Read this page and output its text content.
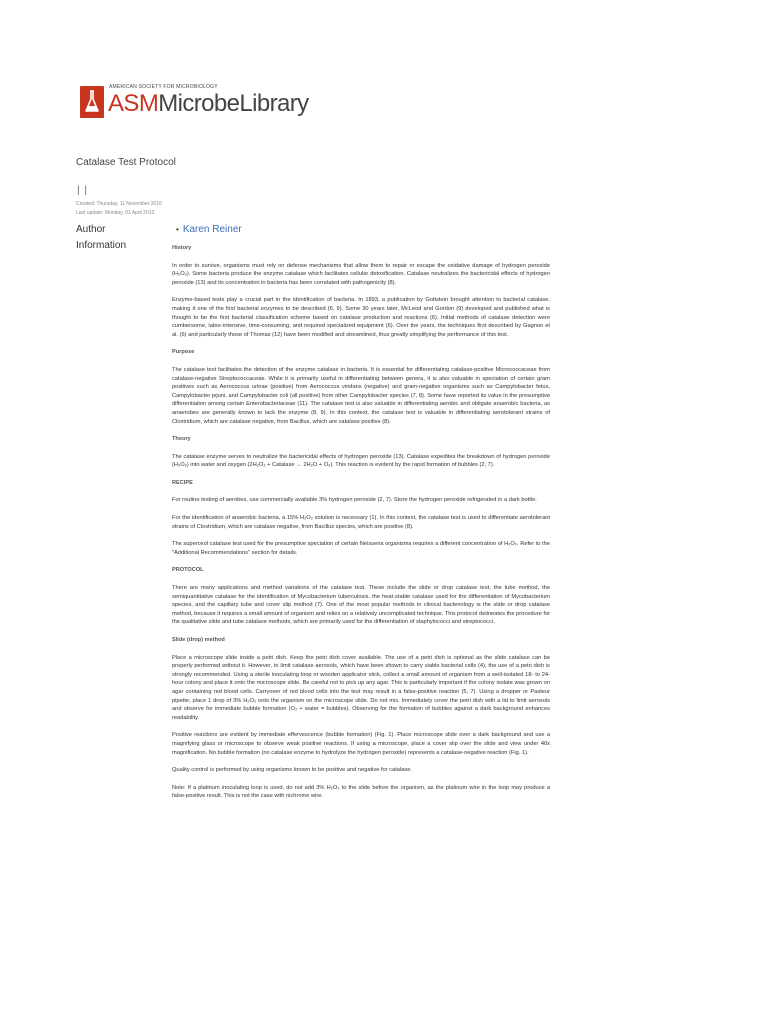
AMERICAN SOCIETY FOR MICROBIOLOGY
ASMMicrobeLibrary
Catalase Test Protocol
| |
Created: Thursday, 11 November 2010
Last update: Monday, 01 April 2013
Author
Information
• Karen Reiner
History

In order to survive, organisms must rely on defense mechanisms that allow them to repair or escape the oxidative damage of hydrogen peroxide (H₂O₂). Some bacteria produce the enzyme catalase which facilitates cellular detoxification. Catalase neutralizes the bactericidal effects of hydrogen peroxide (13) and its concentration in bacteria has been correlated with pathogenicity (8).

Enzyme-based tests play a crucial part in the identification of bacteria. In 1893, a publication by Gottstein brought attention to bacterial catalase, making it one of the first bacterial enzymes to be described (6, 9). Some 30 years later, McLeod and Gordon (9) developed and published what is thought to be the first bacterial classification scheme based on catalase production and reactions (6). Initial methods of catalase detection were cumbersome, labor-intensive, time-consuming, and required specialized equipment (6). Over the years, the techniques first described by Gagnon et al. (6) and particularly those of Thomas (12) have been modified and streamlined, thus greatly simplifying the performance of this test.

Purpose

The catalase test facilitates the detection of the enzyme catalase in bacteria. It is essential for differentiating catalase-positive Micrococcaceae from catalase-negative Streptococcaceae. While it is primarily useful in differentiating between genera, it is also valuable in speciation of certain gram positives such as Aerococcus urinae (positive) from Aerococcus viridans (negative) and gram-negative organisms such as Campylobacter fetus, Campylobacter jejuni, and Campylobacter coli (all positive) from other Campylobacter species (7, 8). Some have reported its value in the presumptive differentiation among certain Enterobacteriaceae (11). The catalase test is also valuable in differentiating aerobic and obligate anaerobic bacteria, as anaerobes are generally known to lack the enzyme (8, 9). In this context, the catalase test is valuable in differentiating aerotolerant strains of Clostridium, which are catalase negative, from Bacillus, which are catalase positive (8).

Theory

The catalase enzyme serves to neutralize the bactericidal effects of hydrogen peroxide (13). Catalase expedites the breakdown of hydrogen peroxide (H₂O₂) into water and oxygen (2H₂O₂ + Catalase → 2H₂O + O₂). This reaction is evident by the rapid formation of bubbles (2, 7).

RECIPE

For routine testing of aerobes, use commercially available 3% hydrogen peroxide (2, 7). Store the hydrogen peroxide refrigerated in a dark bottle.

For the identification of anaerobic bacteria, a 15% H₂O₂ solution is necessary (1). In this context, the catalase test is used to differentiate aerotolerant strains of Clostridium, which are catalase negative, from Bacillus species, which are positive (8).

The superoxol catalase test used for the presumptive speciation of certain Neisseria organisms requires a different concentration of H₂O₂. Refer to the "Additional Recommendations" section for details.

PROTOCOL

There are many applications and method variations of the catalase test. These include the slide or drop catalase test, the tube method, the semiquantitative catalase for the identification of Mycobacterium tuberculosis, the heat-stable catalase used for the differentiation of Mycobacterium species, and the capillary tube and cover slip method (7). One of the most popular methods in clinical bacteriology is the slide or drop catalase method, because it requires a small amount of organism and relies on a relatively uncomplicated technique. This protocol delineates the procedure for the qualitative slide and tube catalase methods, which are primarily used for the differentiation of staphylococci and streptococci.

Slide (drop) method

Place a microscope slide inside a petri dish. Keep the petri dish cover available. The use of a petri dish is optional as the slide catalase can be properly performed without it. However, to limit catalase aerosols, which have been shown to carry viable bacterial cells (4), the use of a petri dish is strongly recommended. Using a sterile inoculating loop or wooden applicator stick, collect a small amount of organism from a well-isolated 18- to 24-hour colony and place it onto the microscope slide. Be careful not to pick up any agar. This is particularly important if the colony isolate was grown on agar containing red blood cells. Carryover of red blood cells into the test may result in a false-positive reaction (5, 7). Using a dropper or Pasteur pipette, place 1 drop of 3% H₂O₂ onto the organism on the microscope slide. Do not mix. Immediately cover the petri dish with a lid to limit aerosols and observe for immediate bubble formation (O₂ + water = bubbles). Observing for the formation of bubbles against a dark background enhances readability.

Positive reactions are evident by immediate effervescence (bubble formation) (Fig. 1). Place microscope slide over a dark background and use a magnifying glass or microscope to observe weak positive reactions. If using a microscope, place a cover slip over the slide and view under 40x magnification. No bubble formation (no catalase enzyme to hydrolyze the hydrogen peroxide) represents a catalase-negative reaction (Fig. 1).

Quality control is performed by using organisms known to be positive and negative for catalase.

Note: If a platinum inoculating loop is used, do not add 3% H₂O₂ to the slide before the organism, as the platinum wire in the loop may produce a false-positive result. This is not the case with nichrome wire.
